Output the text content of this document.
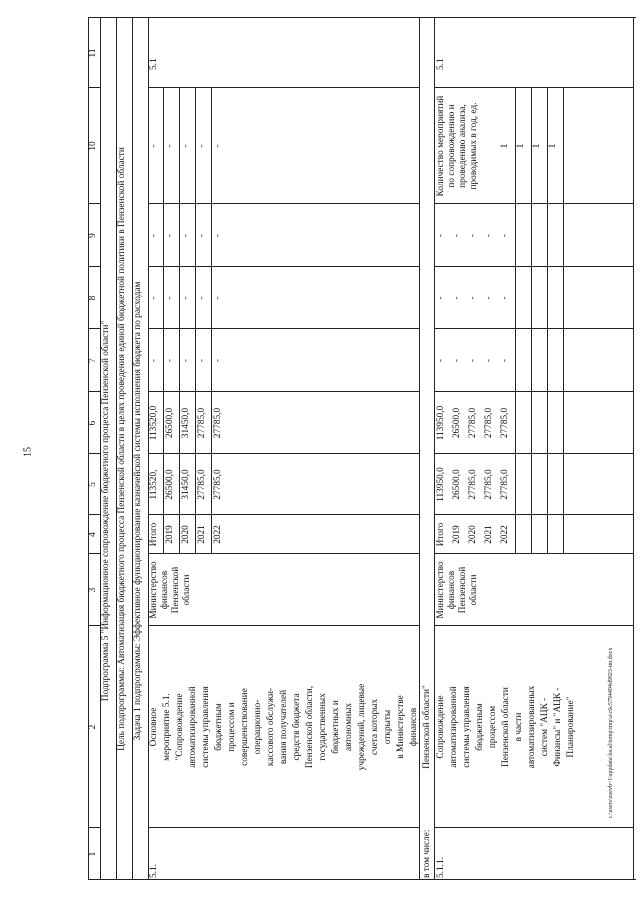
15
c:\users\zuevb~1\appdata\local\temp\tmp\a\c6c5794494d9823-tm.docx
1
2
3
4
5
6
7
8
9
10
11
Подпрограмма 5 "Информационное сопровождение бюджетного процесса Пензенской области" Цель подпрограммы: Автоматизация бюджетного процесса Пензенской области в целях проведения единой бюджетной политики в Пензенской области Задача 1 подпрограммы: Эффективное функционирование казначейской системы исполнения бюджета по расходам
5.1.
Основное мероприятие 5.1. "Сопровождение автоматизированной системы управления бюджетным процессом и совершенствование операционно- кассового обслужи- вания получателей средств бюджета Пензенской области, государственных бюджетных и автономных учреждений, лицевые счета которых открыты в Министерстве финансов Пензенской области"
Министерство финансов Пензенской области
Итого 2019 2020 2021 2022
113520, 26500,0 31450,0 27785,0 27785,0
113520,0 26500,0 31450,0 27785,0 27785,0
- - - - -
- - - - -
- - - - -
- - - - -
5.1
в том числе: 5.1.1.
Сопровождение автоматизированной системы управления бюджетным процессом Пензенской области в части автоматизированных систем "АЦК - Финансы" и "АЦК - Планирование"
Министерство финансов Пензенской области
Итого 2019 2020 2021 2022
113950,0 26500,0 27785,0 27785,0 27785,0
113950,0 26500,0 27785,0 27785,0 27785,0
- - - - -
- - - - -
- - - - -
Количество мероприятий по сопровождению и проведению анализа, проводимых в год, ед. 1 1 1 1
5.1
